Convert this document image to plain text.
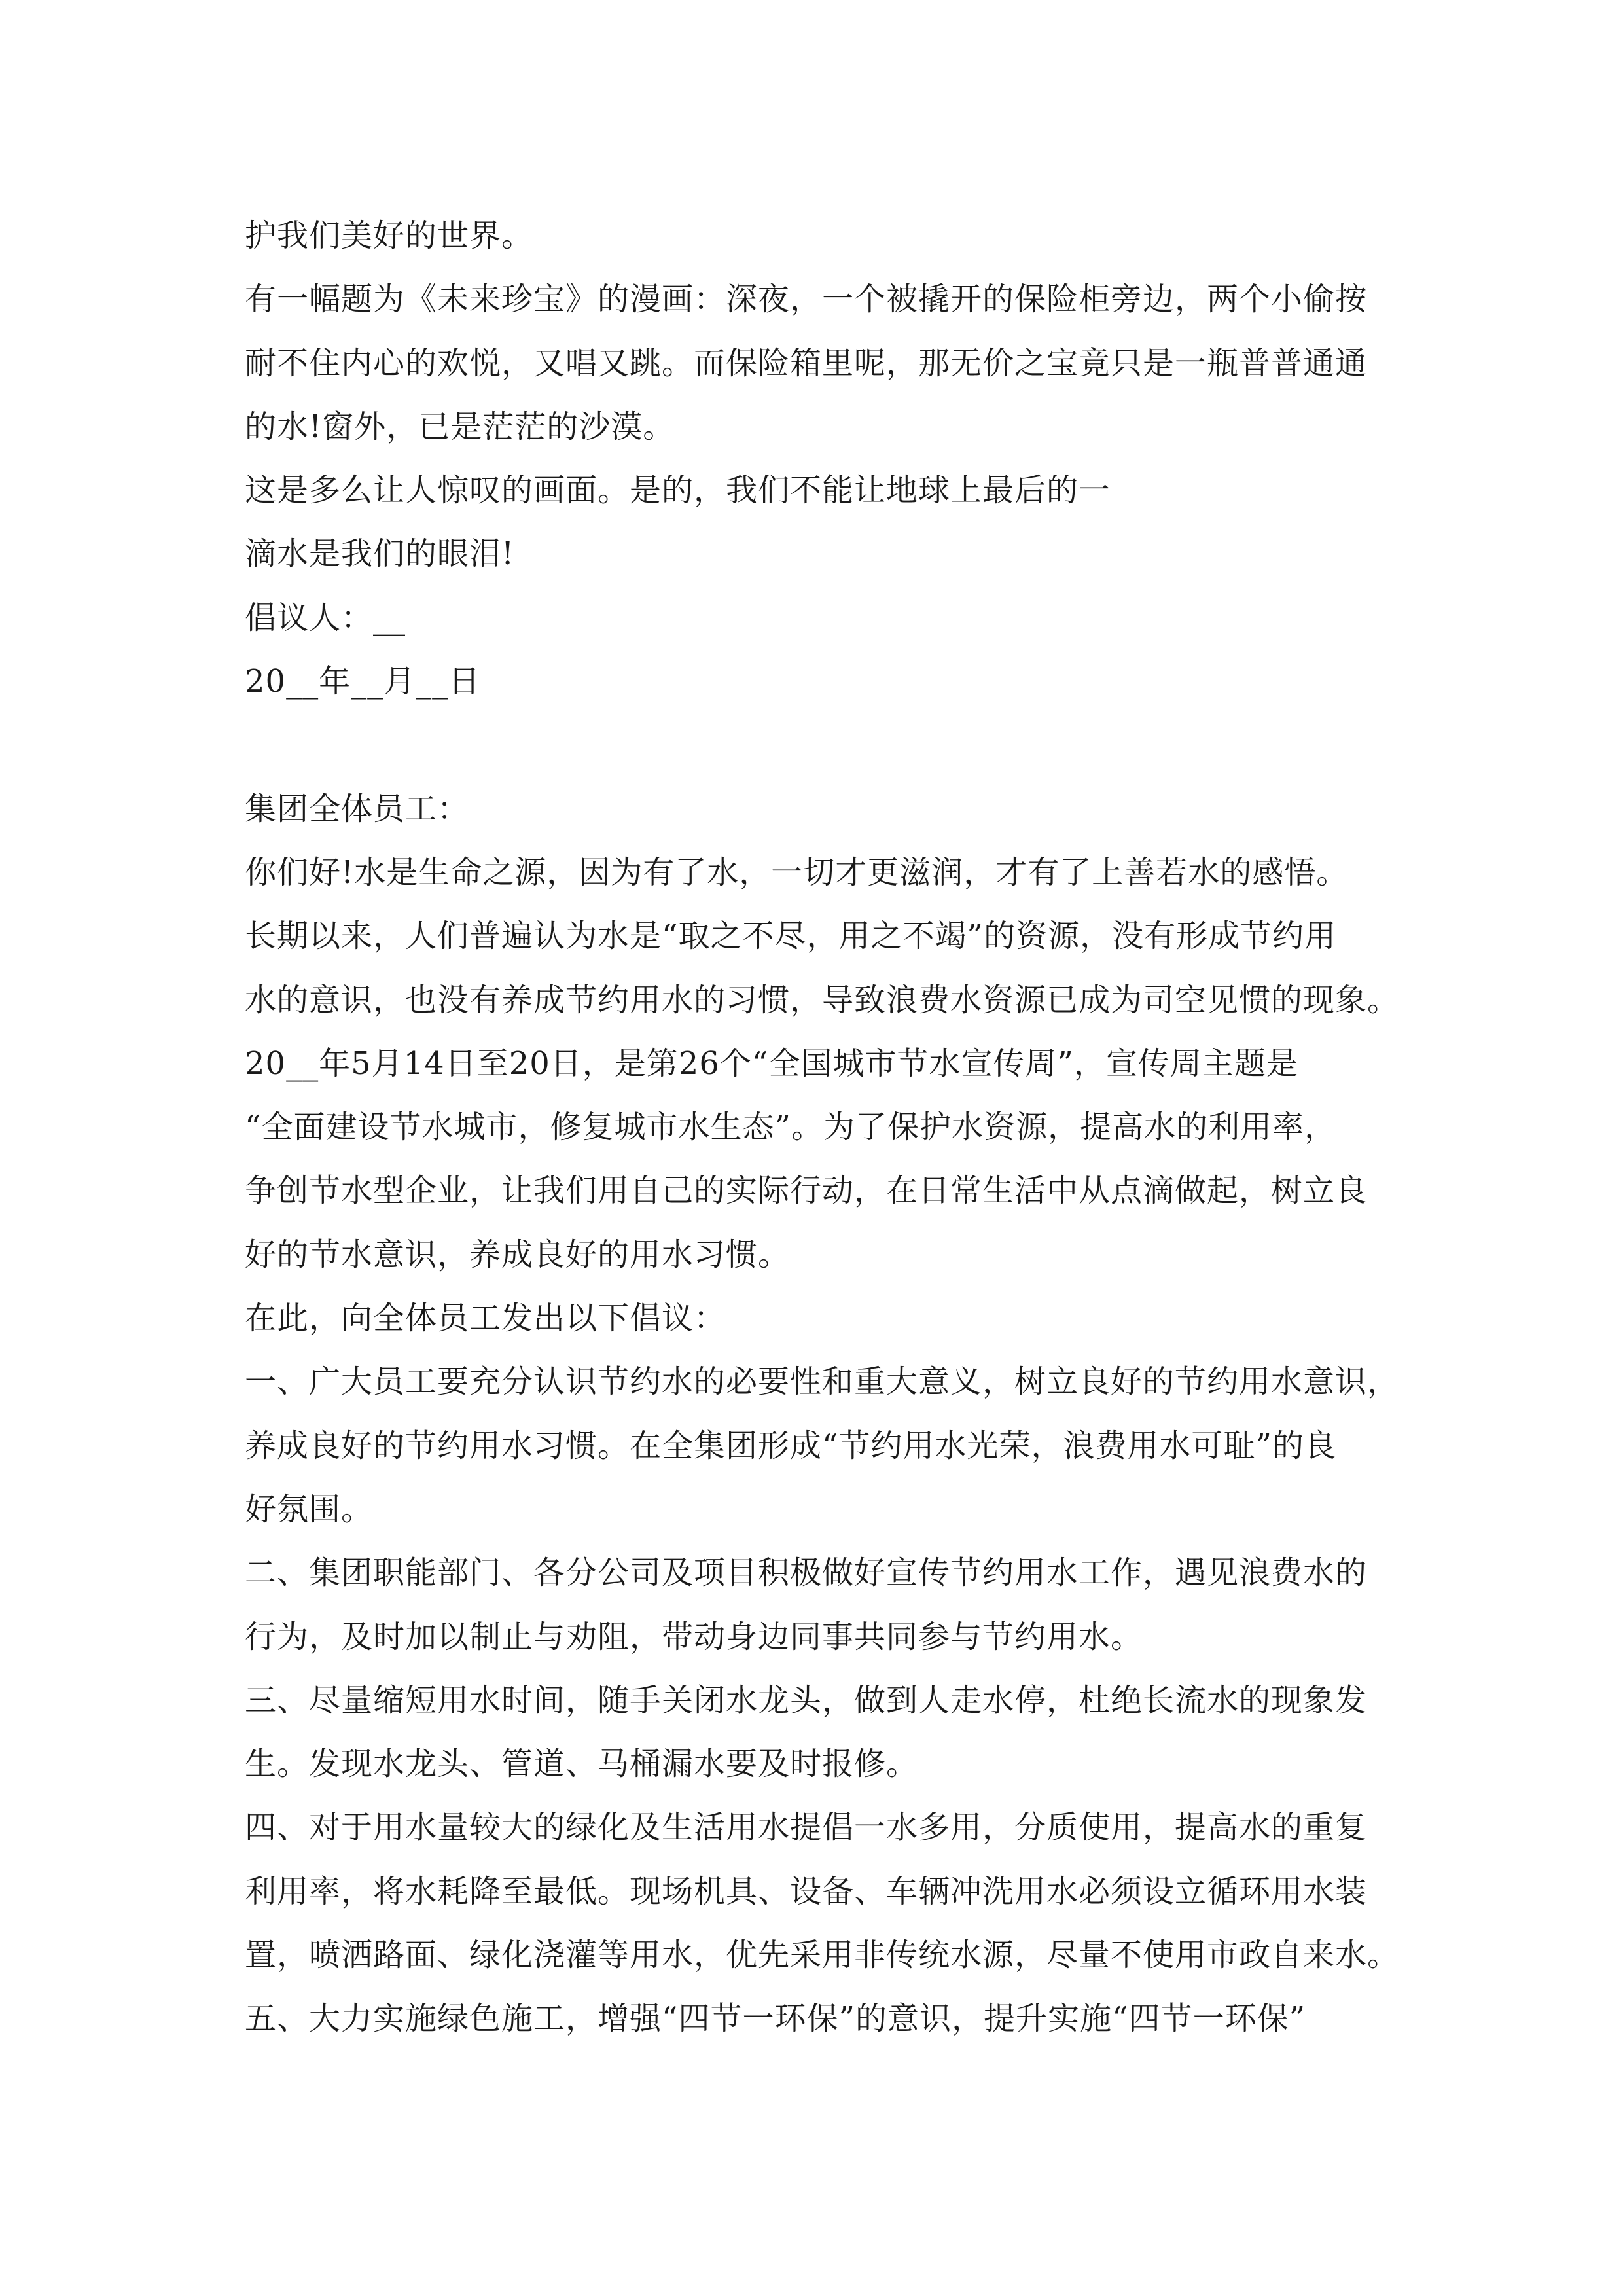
护我们美好的世界。
有一幅题为《未来珍宝》的漫画：深夜，一个被撬开的保险柜旁边，两个小偷按
耐不住内心的欢悦，又唱又跳。而保险箱里呢，那无价之宝竟只是一瓶普普通通
的水!窗外，已是茫茫的沙漠。
这是多么让人惊叹的画面。是的，我们不能让地球上最后的一
滴水是我们的眼泪!
倡议人：__
20__年__月__日
集团全体员工：
你们好!水是生命之源，因为有了水，一切才更滋润，才有了上善若水的感悟。
长期以来，人们普遍认为水是“取之不尽，用之不竭”的资源，没有形成节约用
水的意识，也没有养成节约用水的习惯，导致浪费水资源已成为司空见惯的现象。
20__年5月14日至20日，是第26个“全国城市节水宣传周”，宣传周主题是
“全面建设节水城市，修复城市水生态”。为了保护水资源，提高水的利用率，
争创节水型企业，让我们用自己的实际行动，在日常生活中从点滴做起，树立良
好的节水意识，养成良好的用水习惯。
在此，向全体员工发出以下倡议：
一、广大员工要充分认识节约水的必要性和重大意义，树立良好的节约用水意识，
养成良好的节约用水习惯。在全集团形成“节约用水光荣，浪费用水可耻”的良
好氛围。
二、集团职能部门、各分公司及项目积极做好宣传节约用水工作，遇见浪费水的
行为，及时加以制止与劝阻，带动身边同事共同参与节约用水。
三、尽量缩短用水时间，随手关闭水龙头，做到人走水停，杜绝长流水的现象发
生。发现水龙头、管道、马桶漏水要及时报修。
四、对于用水量较大的绿化及生活用水提倡一水多用，分质使用，提高水的重复
利用率，将水耗降至最低。现场机具、设备、车辆冲洗用水必须设立循环用水装
置，喷洒路面、绿化浇灌等用水，优先采用非传统水源，尽量不使用市政自来水。
五、大力实施绿色施工，增强“四节一环保”的意识，提升实施“四节一环保”
